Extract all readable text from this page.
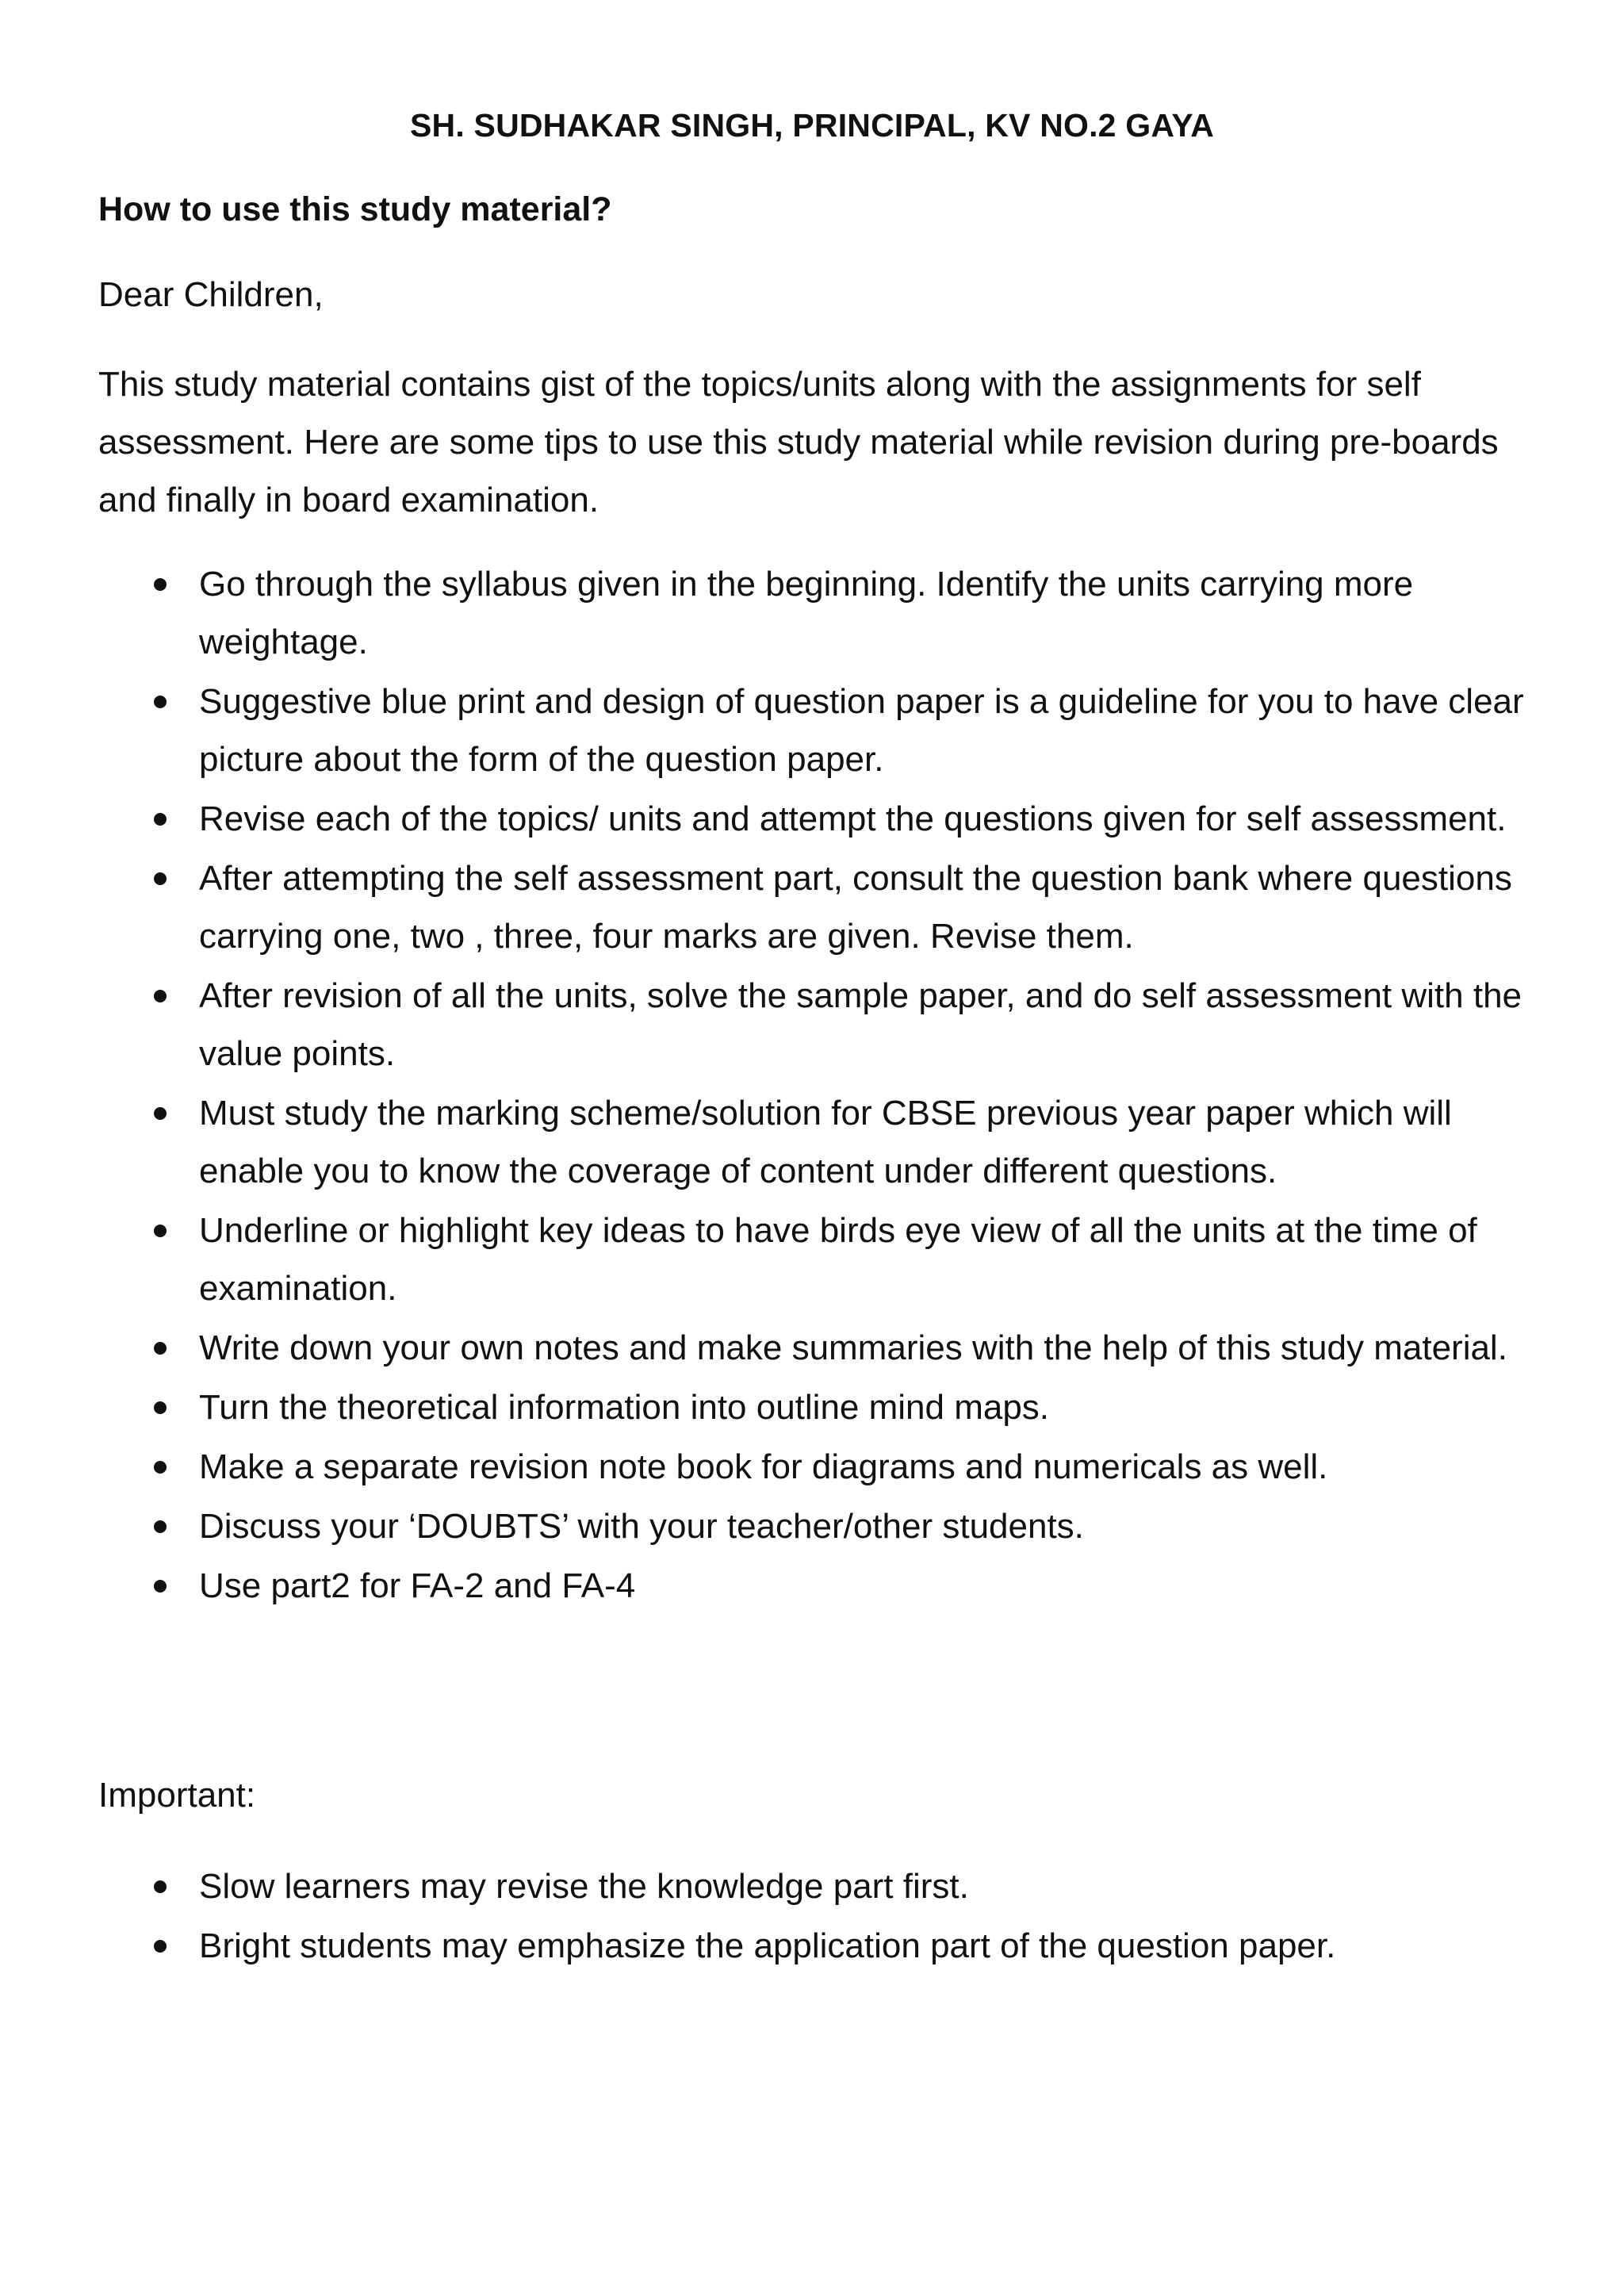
SH. SUDHAKAR SINGH, PRINCIPAL, KV NO.2 GAYA
How to use this study material?
Dear Children,

This study material contains gist of the topics/units along with the assignments for self assessment. Here are some tips to use this study material while revision during pre-boards and finally in board examination.

Go through the syllabus given in the beginning. Identify the units carrying more weightage.
Suggestive blue print and design of question paper is a guideline for you to have clear picture about the form of the question paper.
Revise each of the topics/ units and attempt the questions given for self assessment.
After attempting the self assessment part, consult the question bank where questions carrying one, two , three, four marks are given. Revise them.
After revision of all the units, solve the sample paper, and do self assessment with the value points.
Must study the marking scheme/solution for CBSE previous year paper which will enable you to know the coverage of content under different questions.
Underline or highlight key ideas to have birds eye view of all the units at the time of examination.
Write down your own notes and make summaries with the help of this study material.
Turn the theoretical information into outline mind maps.
Make a separate revision note book for diagrams and numericals as well.
Discuss your ‘DOUBTS’ with your teacher/other students.
Use part2 for FA-2 and FA-4
Important:
Slow learners may revise the knowledge part first.
Bright students may emphasize the application part of the question paper.
